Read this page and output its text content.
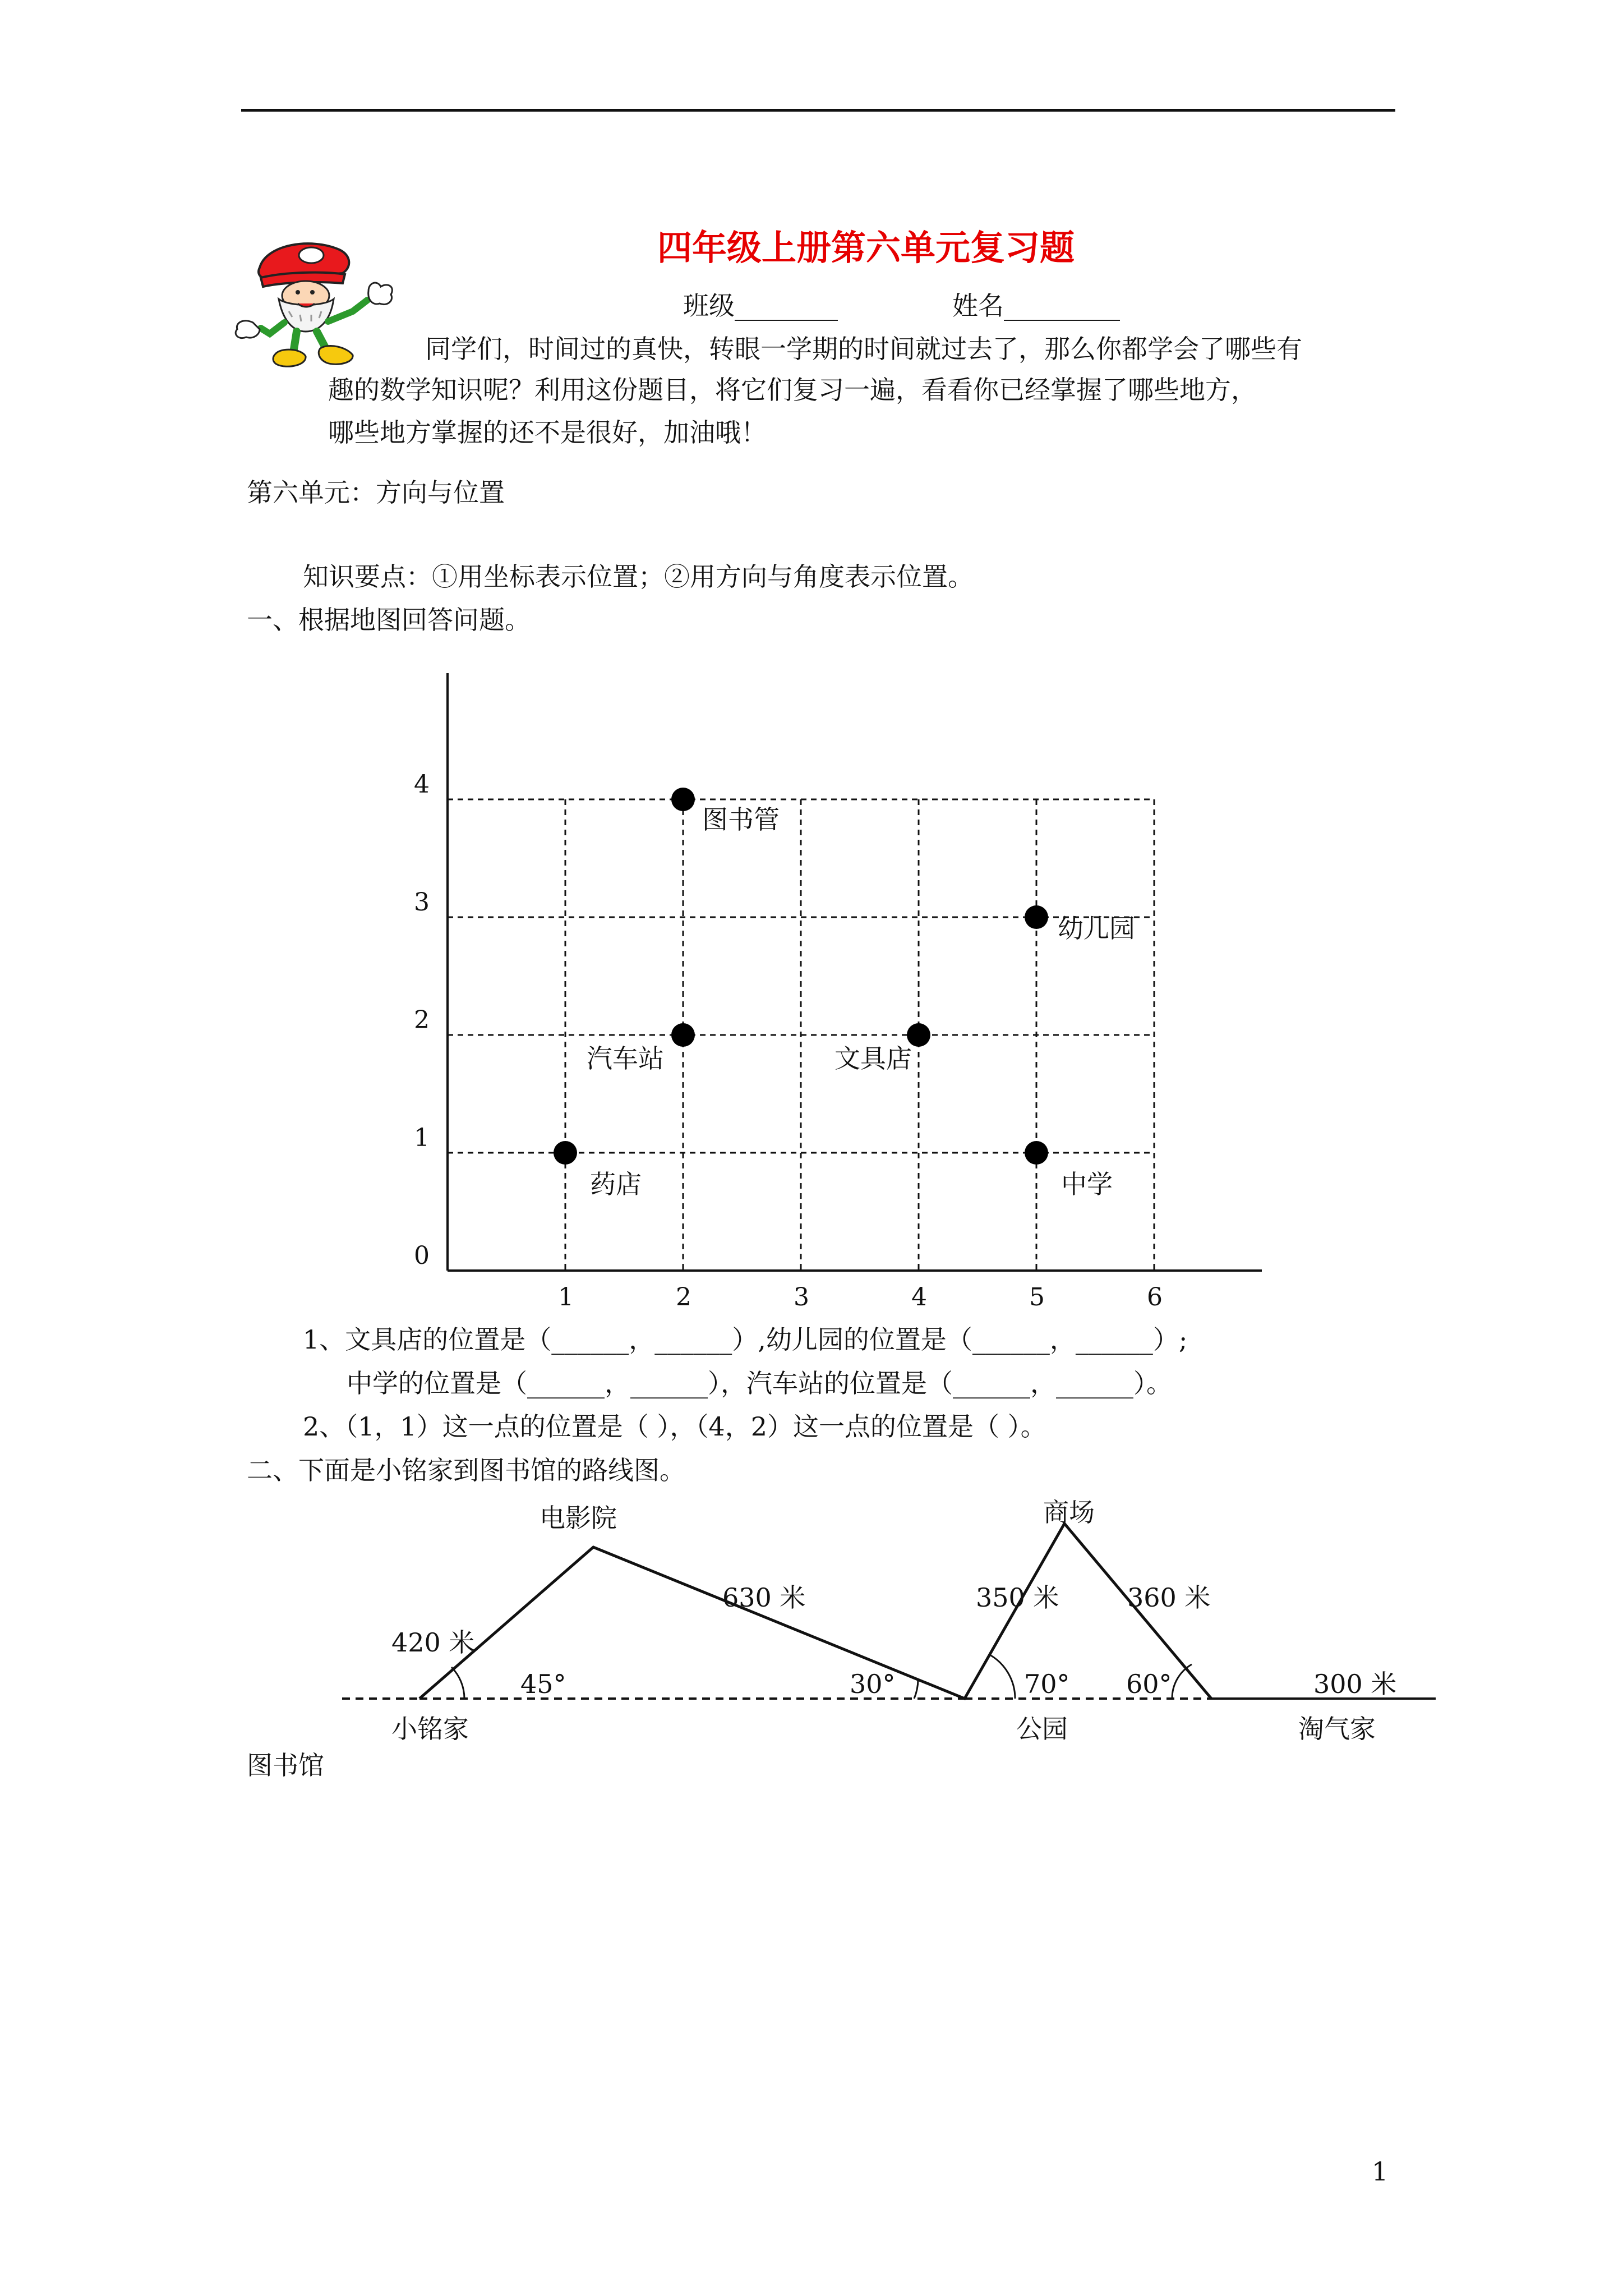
四年级上册第六单元复习题
班级________	姓名_________
同学们，时间过的真快，转眼一学期的时间就过去了，那么你都学会了哪些有
趣的数学知识呢？利用这份题目，将它们复习一遍，看看你已经掌握了哪些地方，
哪些地方掌握的还不是很好，加油哦！
第六单元：方向与位置
知识要点：①用坐标表示位置；②用方向与角度表示位置。
一、根据地图回答问题。
1	2	3	4	5	6
0
1
2
3
4
图书管
幼儿园
汽车站	文具店
药店	中学
1、文具店的位置是（______，______）,幼儿园的位置是（______，______）;
中学的位置是（______，______），汽车站的位置是（______，______）。
2、（1，1）这一点的位置是（ ），（4，2）这一点的位置是（ ）。
二、下面是小铭家到图书馆的路线图。
电影院	商场
小铭家	公园	淘气家
420 米
630 米	350 米	360 米
300 米
45°	30°	70° 60°
图书馆
1
